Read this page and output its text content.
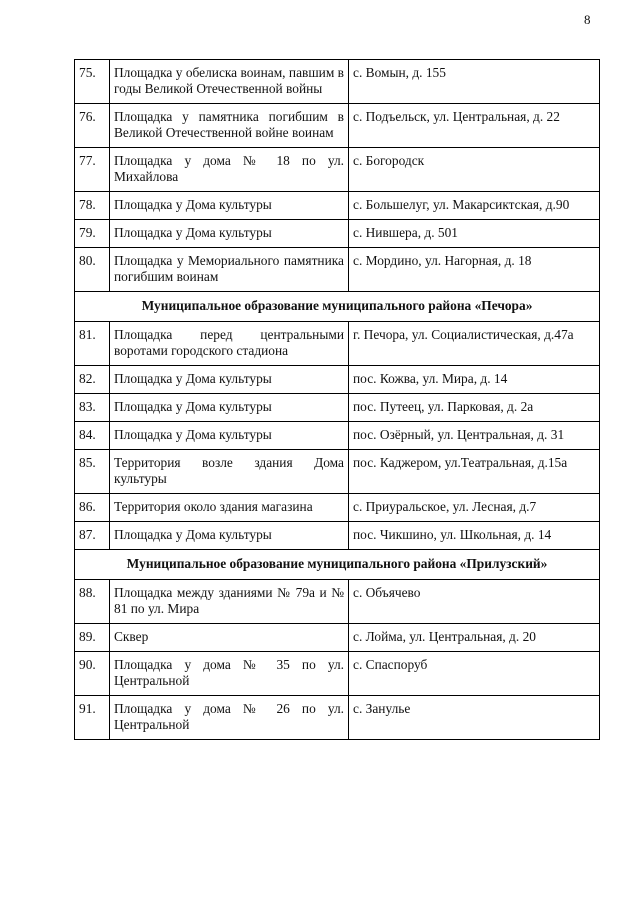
8
75.	Площадка у обелиска воинам, павшим в годы Великой Отечественной войны	с. Вомын, д. 155
76.	Площадка у памятника погибшим в Великой Отечественной войне воинам	с. Подъельск, ул. Центральная, д. 22
77.	Площадка у дома № 18 по ул. Михайлова	с. Богородск
78.	Площадка у Дома культуры	с. Большелуг, ул. Макарсиктская, д.90
79.	Площадка у Дома культуры	с. Нившера, д. 501
80.	Площадка у Мемориального памятника погибшим воинам	с. Мордино, ул. Нагорная, д. 18
Муниципальное образование муниципального района «Печора»		
81.	Площадка перед центральными воротами городского стадиона	г. Печора, ул. Социалистическая, д.47а
82.	Площадка у Дома культуры	пос. Кожва, ул. Мира, д. 14
83.	Площадка у Дома культуры	пос. Путеец, ул. Парковая, д. 2а
84.	Площадка у Дома культуры	пос. Озёрный, ул. Центральная, д. 31
85.	Территория возле здания Дома культуры	пос. Каджером, ул.Театральная, д.15а
86.	Территория около здания магазина	с. Приуральское, ул. Лесная, д.7
87.	Площадка у Дома культуры	пос. Чикшино, ул. Школьная, д. 14
Муниципальное образование муниципального района «Прилузский»		
88.	Площадка между зданиями № 79а и № 81 по ул. Мира	с. Объячево
89.	Сквер	с. Лойма, ул. Центральная, д. 20
90.	Площадка у дома № 35 по ул. Центральной	с. Спаспоруб
91.	Площадка у дома № 26 по ул. Центральной	с. Занулье
